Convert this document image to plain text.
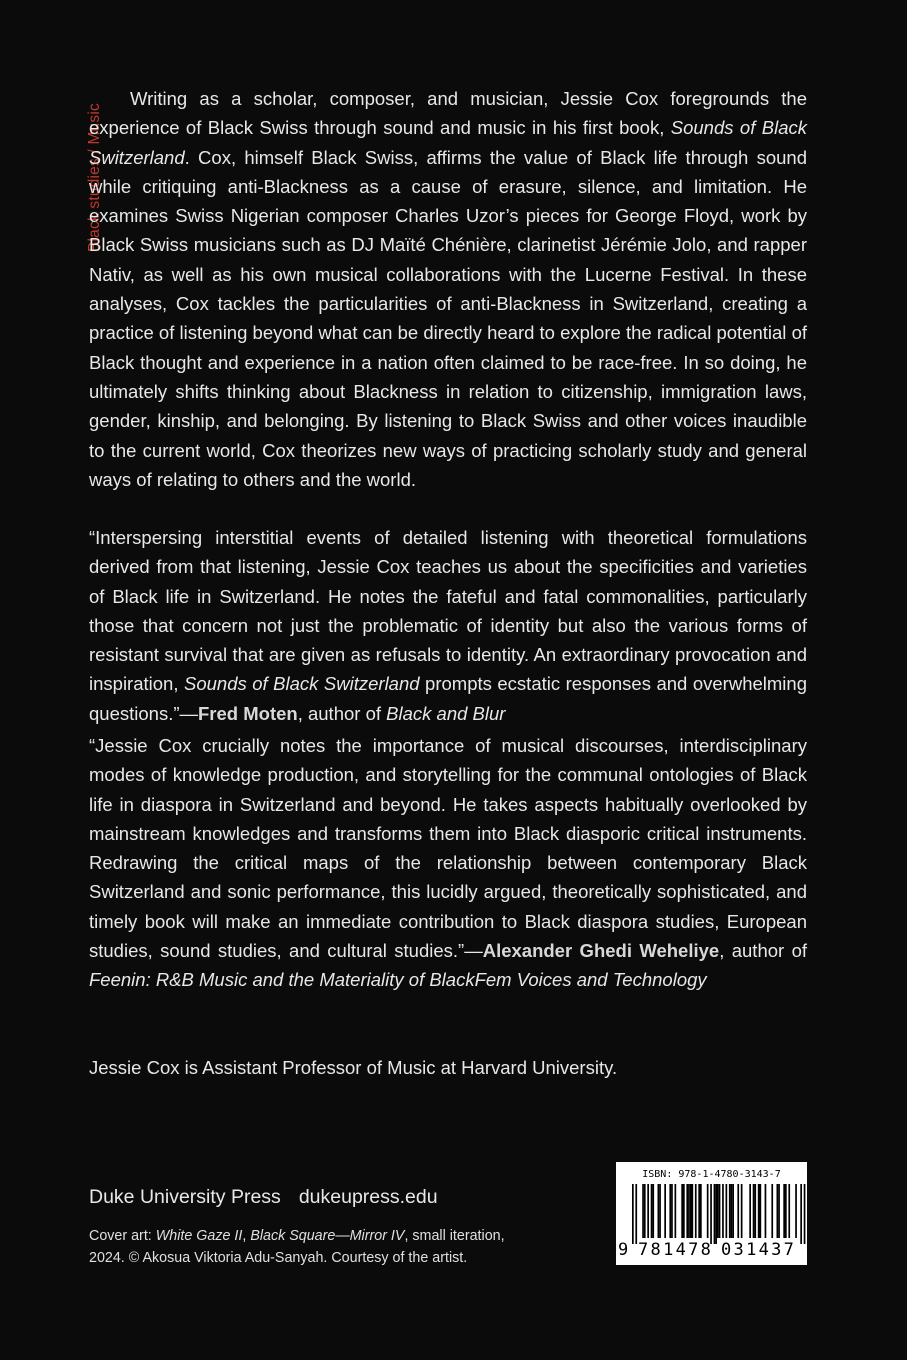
Black studies / Music

Writing as a scholar, composer, and musician, Jessie Cox foregrounds the experience of Black Swiss through sound and music in his first book, Sounds of Black Switzerland. Cox, himself Black Swiss, affirms the value of Black life through sound while critiquing anti-Blackness as a cause of erasure, silence, and limitation. He examines Swiss Nigerian composer Charles Uzor’s pieces for George Floyd, work by Black Swiss musicians such as DJ Maïté Chénière, clarinetist Jérémie Jolo, and rapper Nativ, as well as his own musical collaborations with the Lucerne Festival. In these analyses, Cox tackles the particularities of anti-Blackness in Switzerland, creating a practice of listening beyond what can be directly heard to explore the radical potential of Black thought and experience in a nation often claimed to be race-free. In so doing, he ultimately shifts thinking about Blackness in relation to citizenship, immigration laws, gender, kinship, and belonging. By listening to Black Swiss and other voices inaudible to the current world, Cox theorizes new ways of practicing scholarly study and general ways of relating to others and the world.

“Interspersing interstitial events of detailed listening with theoretical formulations derived from that listening, Jessie Cox teaches us about the specificities and varieties of Black life in Switzerland. He notes the fateful and fatal commonalities, particularly those that concern not just the problematic of identity but also the various forms of resistant survival that are given as refusals to identity. An extraordinary provocation and inspiration, Sounds of Black Switzerland prompts ecstatic responses and overwhelming questions.”—Fred Moten, author of Black and Blur

“Jessie Cox crucially notes the importance of musical discourses, interdisciplinary modes of knowledge production, and storytelling for the communal ontologies of Black life in diaspora in Switzerland and beyond. He takes aspects habitually overlooked by mainstream knowledges and transforms them into Black diasporic critical instruments. Redrawing the critical maps of the relationship between contemporary Black Switzerland and sonic performance, this lucidly argued, theoretically sophisticated, and timely book will make an immediate contribution to Black diaspora studies, European studies, sound studies, and cultural studies.”—Alexander Ghedi Weheliye, author of Feenin: R&B Music and the Materiality of BlackFem Voices and Technology

Jessie Cox is Assistant Professor of Music at Harvard University.

Duke University Press dukeupress.edu
Cover art: White Gaze II, Black Square—Mirror IV, small iteration, 2024. © Akosua Viktoria Adu-Sanyah. Courtesy of the artist.
ISBN: 978-1-4780-3143-7
9 781478 031437
